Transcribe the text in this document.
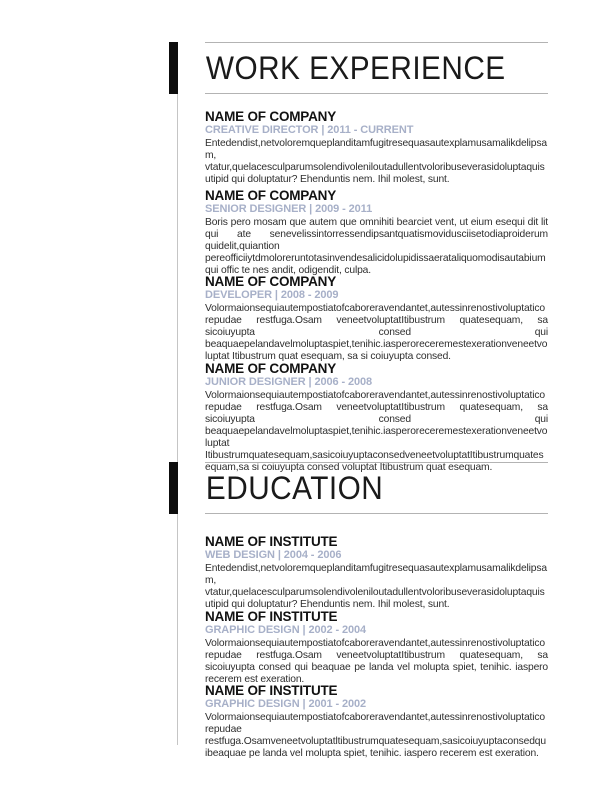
WORK EXPERIENCE
NAME OF COMPANY
CREATIVE DIRECTOR | 2011 - CURRENT
Entedendist,netvoloremqueplanditamfugitresequasautexplamusamalikdelipsam, vtatur,quelacesculparumsolendivoleniloutadullentvoloribuseverasidoluptaquisutipid qui doluptatur? Ehenduntis nem. Ihil molest, sunt.
NAME OF COMPANY
SENIOR DESIGNER | 2009 - 2011
Boris pero mosam que autem que omnihiti bearciet vent, ut eium esequi dit lit qui ate senevelissintorressendipsantquatismovidusciisetodiaproiderum quidelit,quiantion pereofficiiytdmoloreruntotasinvendesalicidolupidissaerataliquomodisautabiumqui offic te nes andit, odigendit, culpa.
NAME OF COMPANY
DEVELOPER | 2008 - 2009
Volormaionsequiautempostiatofcaboreravendantet,autessinrenostivoluptaticorepudae restfuga.Osam veneetvoluptatItibustrum quatesequam, sa sicoiuyupta consed qui beaquaepelandavelmoluptaspiet,tenihic.iasperoreceremestexerationveneetvoluptat Itibustrum quat esequam, sa si coiuyupta consed.
NAME OF COMPANY
JUNIOR DESIGNER | 2006 - 2008
Volormaionsequiautempostiatofcaboreravendantet,autessinrenostivoluptaticorepudae restfuga.Osam veneetvoluptatItibustrum quatesequam, sa sicoiuyupta consed qui beaquaepelandavelmoluptaspiet,tenihic.iasperoreceremestexerationveneetvoluptat Itibustrumquatesequam,sasicoiuyuptaconsedveneetvoluptatItibustrumquatesequam,sa si coiuyupta consed voluptat Itibustrum quat esequam.
EDUCATION
NAME OF INSTITUTE
WEB DESIGN | 2004 - 2006
Entedendist,netvoloremqueplanditamfugitresequasautexplamusamalikdelipsam, vtatur,quelacesculparumsolendivoleniloutadullentvoloribuseverasidoluptaquisutipid qui doluptatur? Ehenduntis nem. Ihil molest, sunt.
NAME OF INSTITUTE
GRAPHIC DESIGN | 2002 - 2004
Volormaionsequiautempostiatofcaboreravendantet,autessinrenostivoluptaticorepudae restfuga.Osam veneetvoluptatItibustrum quatesequam, sa sicoiuyupta consed qui beaquae pe landa vel molupta spiet, tenihic. iaspero recerem est exeration.
NAME OF INSTITUTE
GRAPHIC DESIGN | 2001 - 2002
Volormaionsequiautempostiatofcaboreravendantet,autessinrenostivoluptaticorepudae restfuga.Osamveneetvoluptatltibustrumquatesequam,sasicoiuyuptaconsedquibeaquae pe landa vel molupta spiet, tenihic. iaspero recerem est exeration.
